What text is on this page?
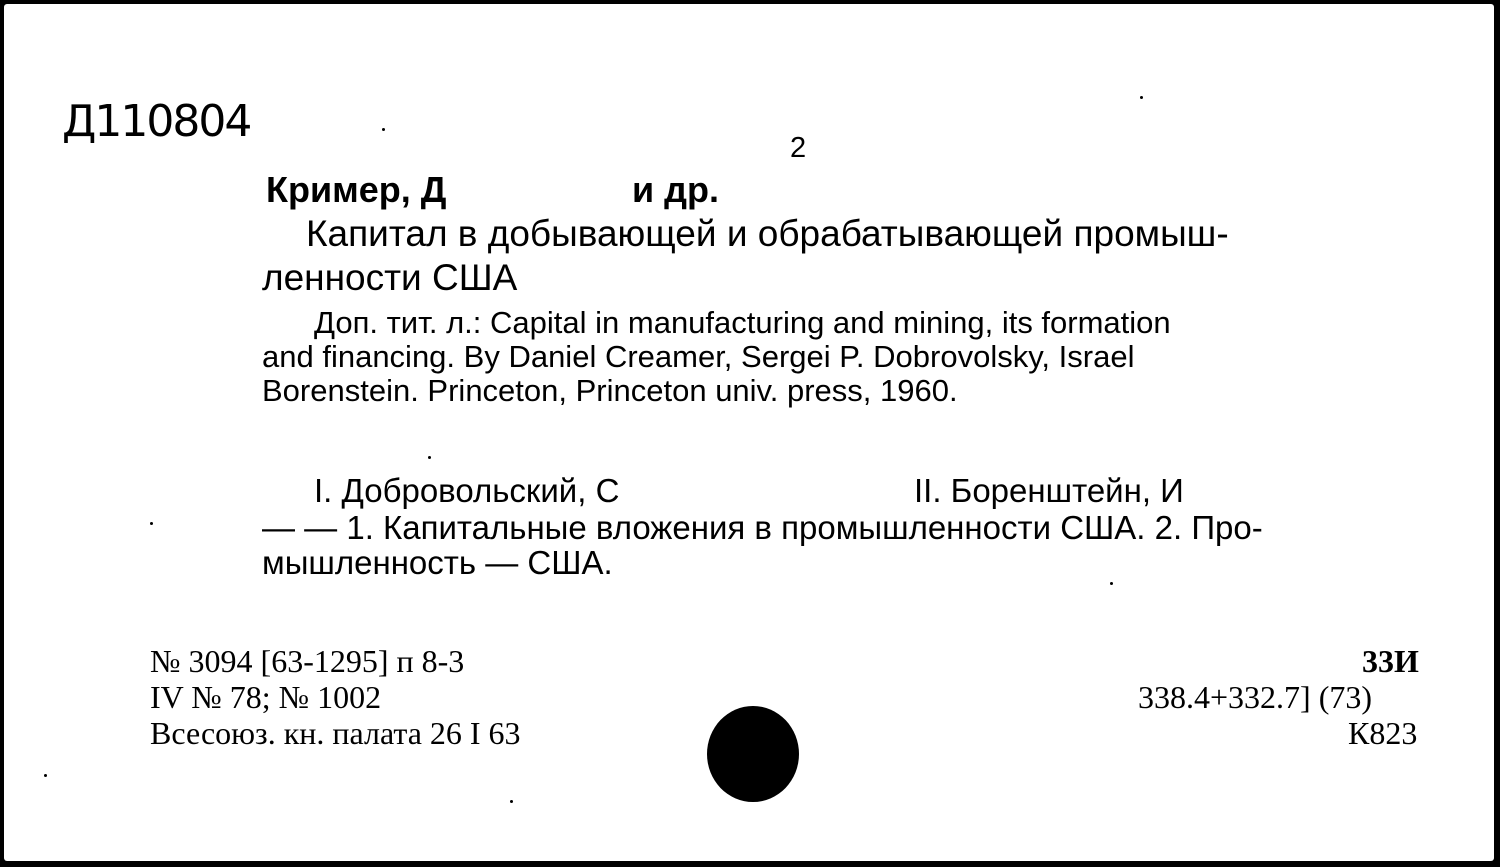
Д110804
2
Кример, Д	и др.
Капитал в добывающей и обрабатывающей промыш-
ленности США
Доп. тит. л.: Capital in manufacturing and mining, its formation
and financing. By Daniel Creamer, Sergei P. Dobrovolsky, Israel
Borenstein. Princeton, Princeton univ. press, 1960.
I. Добровольский, С	II. Боренштейн, И
— — 1. Капитальные вложения в промышленности США. 2. Про-
мышленность — США.
№ 3094 [63-1295] п 8-3
IV № 78; № 1002
Всесоюз. кн. палата 26 I 63
33И
338.4+332.7] (73)
К823
